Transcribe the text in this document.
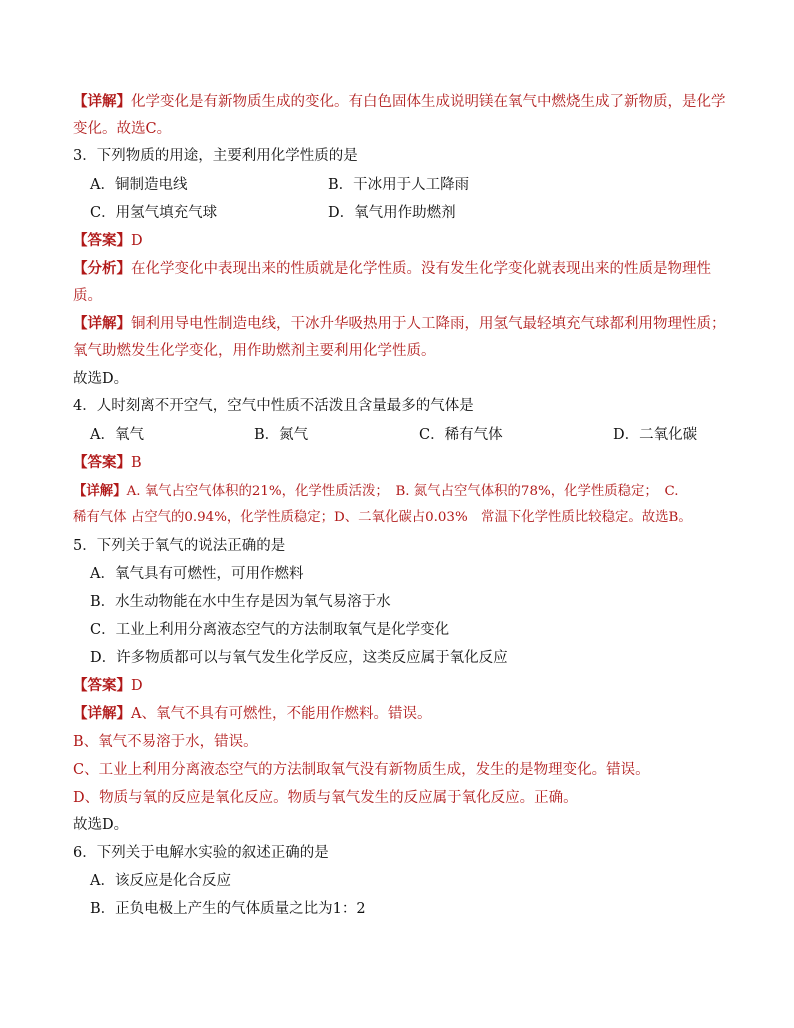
【详解】化学变化是有新物质生成的变化。有白色固体生成说明镁在氧气中燃烧生成了新物质，是化学
变化。故选C。
3．下列物质的用途，主要利用化学性质的是
A．铜制造电线	B．干冰用于人工降雨
C．用氢气填充气球	D．氧气用作助燃剂
【答案】D
【分析】在化学变化中表现出来的性质就是化学性质。没有发生化学变化就表现出来的性质是物理性
质。
【详解】铜利用导电性制造电线，干冰升华吸热用于人工降雨，用氢气最轻填充气球都利用物理性质；
氧气助燃发生化学变化，用作助燃剂主要利用化学性质。
故选D。
4．人时刻离不开空气，空气中性质不活泼且含量最多的气体是
A．氧气	B．氮气	C．稀有气体	D．二氧化碳
【答案】B
【详解】A. 氧气占空气体积的21%，化学性质活泼；　B. 氮气占空气体积的78%，化学性质稳定；　C.
稀有气体 占空气的0.94%，化学性质稳定；D、二氧化碳占0.03%　常温下化学性质比较稳定。故选B。
5．下列关于氧气的说法正确的是
A．氧气具有可燃性，可用作燃料
B．水生动物能在水中生存是因为氧气易溶于水
C．工业上利用分离液态空气的方法制取氧气是化学变化
D．许多物质都可以与氧气发生化学反应，这类反应属于氧化反应
【答案】D
【详解】A、氧气不具有可燃性，不能用作燃料。错误。
B、氧气不易溶于水，错误。
C、工业上利用分离液态空气的方法制取氧气没有新物质生成，发生的是物理变化。错误。
D、物质与氧的反应是氧化反应。物质与氧气发生的反应属于氧化反应。正确。
故选D。
6．下列关于电解水实验的叙述正确的是
A．该反应是化合反应
B．正负电极上产生的气体质量之比为1：2
